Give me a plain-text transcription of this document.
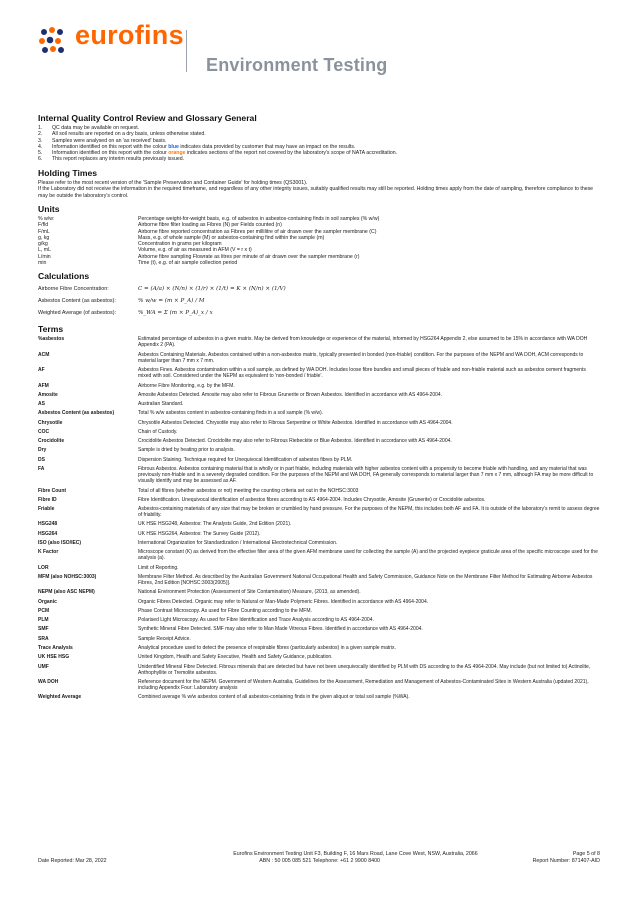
eurofins
Environment Testing
Internal Quality Control Review and Glossary General
1.	QC data may be available on request.
2.	All soil results are reported on a dry basis, unless otherwise stated.
3.	Samples were analysed on an 'as received' basis.
4.	Information identified on this report with the colour blue indicates data provided by customer that may have an impact on the results.
5.	Information identified on this report with the colour orange indicates sections of the report not covered by the laboratory's scope of NATA accreditation.
6.	This report replaces any interim results previously issued.
Holding Times

Please refer to the most recent version of the 'Sample Preservation and Container Guide' for holding times (QS3001).

If the Laboratory did not receive the information in the required timeframe, and regardless of any other integrity issues, suitably qualified results may still be reported. Holding times apply from the date of sampling, therefore compliance to these may be outside the laboratory's control.

Units
% w/w:	Percentage weight-for-weight basis, e.g. of asbestos in asbestos-containing finds in soil samples (% w/w)
F/fld	Airborne fibre filter loading as Fibres (N) per Fields counted (n)
F/mL	Airborne fibre reported concentration as Fibres per millilitre of air drawn over the sampler membrane (C)
g, kg	Mass, e.g. of whole sample (M) or asbestos-containing find within the sample (m)
g/kg	Concentration in grams per kilogram
L, mL	Volume, e.g. of air as measured in AFM (V = r x t)
L/min	Airborne fibre sampling Flowrate as litres per minute of air drawn over the sampler membrane (r)
min	Time (t), e.g. of air sample collection period
Calculations
Airborne Fibre Concentration:	C = (A/a) × (N/n) × (1/r) × (1/t) = K × (N/n) × (1/V)
Asbestos Content (as asbestos):	% w/w = (m × P_A) / M
Weighted Average (of asbestos):	%_WA = Σ (m × P_A)_x / x
Terms
%asbestos	Estimated percentage of asbestos in a given matrix. May be derived from knowledge or experience of the material, informed by HSG264 Appendix 2, else assumed to be 15% in accordance with WA DOH Appendix 2 (PA).
ACM	Asbestos Containing Materials. Asbestos contained within a non-asbestos matrix, typically presented in bonded (non-friable) condition. For the purposes of the NEPM and WA DOH, ACM corresponds to material larger than 7 mm x 7 mm.
AF	Asbestos Fines. Asbestos contamination within a soil sample, as defined by WA DOH. Includes loose fibre bundles and small pieces of friable and non-friable material such as asbestos cement fragments mixed with soil. Considered under the NEPM as equivalent to 'non-bonded / friable'.
AFM	Airborne Fibre Monitoring, e.g. by the MFM.
Amosite	Amosite Asbestos Detected. Amosite may also refer to Fibrous Grunerite or Brown Asbestos. Identified in accordance with AS 4964-2004.
AS	Australian Standard.
Asbestos Content (as asbestos)	Total % w/w asbestos content in asbestos-containing finds in a soil sample (% w/w).
Chrysotile	Chrysotile Asbestos Detected. Chrysotile may also refer to Fibrous Serpentine or White Asbestos. Identified in accordance with AS 4964-2004.
COC	Chain of Custody.
Crocidolite	Crocidolite Asbestos Detected. Crocidolite may also refer to Fibrous Riebeckite or Blue Asbestos. Identified in accordance with AS 4964-2004.
Dry	Sample is dried by heating prior to analysis.
DS	Dispersion Staining. Technique required for Unequivocal Identification of asbestos fibres by PLM.
FA	Fibrous Asbestos. Asbestos containing material that is wholly or in part friable, including materials with higher asbestos content with a propensity to become friable with handling, and any material that was previously non-friable and in a severely degraded condition. For the purposes of the NEPM and WA DOH, FA generally corresponds to material larger than 7 mm x 7 mm, although FA may be more difficult to visually identify and may be assessed as AF.
Fibre Count	Total of all fibres (whether asbestos or not) meeting the counting criteria set out in the NOHSC:3003
Fibre ID	Fibre Identification. Unequivocal identification of asbestos fibres according to AS 4964-2004. Includes Chrysotile, Amosite (Grunerite) or Crocidolite asbestos.
Friable	Asbestos-containing materials of any size that may be broken or crumbled by hand pressure. For the purposes of the NEPM, this includes both AF and FA. It is outside of the laboratory's remit to assess degree of friability.
HSG248	UK HSE HSG248, Asbestos: The Analysts Guide, 2nd Edition (2021).
HSG264	UK HSE HSG264, Asbestos: The Survey Guide (2012).
ISO (also ISO/IEC)	International Organization for Standardization / International Electrotechnical Commission.
K Factor	Microscope constant (K) as derived from the effective filter area of the given AFM membrane used for collecting the sample (A) and the projected eyepiece graticule area of the specific microscope used for the analysis (a).
LOR	Limit of Reporting.
MFM (also NOHSC:3003)	Membrane Filter Method. As described by the Australian Government National Occupational Health and Safety Commission, Guidance Note on the Membrane Filter Method for Estimating Airborne Asbestos Fibres, 2nd Edition [NOHSC:3003(2005)].
NEPM (also ASC NEPM)	National Environment Protection (Assessment of Site Contamination) Measure, (2013, as amended).
Organic	Organic Fibres Detected. Organic may refer to Natural or Man-Made Polymeric Fibres. Identified in accordance with AS 4964-2004.
PCM	Phase Contrast Microscopy. As used for Fibre Counting according to the MFM.
PLM	Polarised Light Microscopy. As used for Fibre Identification and Trace Analysis according to AS 4964-2004.
SMF	Synthetic Mineral Fibre Detected. SMF may also refer to Man Made Vitreous Fibres. Identified in accordance with AS 4964-2004.
SRA	Sample Receipt Advice.
Trace Analysis	Analytical procedure used to detect the presence of respirable fibres (particularly asbestos) in a given sample matrix.
UK HSE HSG	United Kingdom, Health and Safety Executive, Health and Safety Guidance, publication.
UMF	Unidentified Mineral Fibre Detected. Fibrous minerals that are detected but have not been unequivocally identified by PLM with DS according to the AS 4964-2004. May include (but not limited to) Actinolite, Anthophyllite or Tremolite asbestos.
WA DOH	Reference document for the NEPM. Government of Western Australia, Guidelines for the Assessment, Remediation and Management of Asbestos-Contaminated Sites in Western Australia (updated 2021), including Appendix Four: Laboratory analysis
Weighted Average	Combined average % w/w asbestos content of all asbestos-containing finds in the given aliquot or total soil sample (%WA).
Eurofins Environment Testing Unit F3, Building F, 16 Mars Road, Lane Cove West, NSW, Australia, 2066	Page 5 of 8
Date Reported: Mar 28, 2022	ABN : 50 005 085 521 Telephone: +61 2 9900 8400	Report Number: 871407-AID
